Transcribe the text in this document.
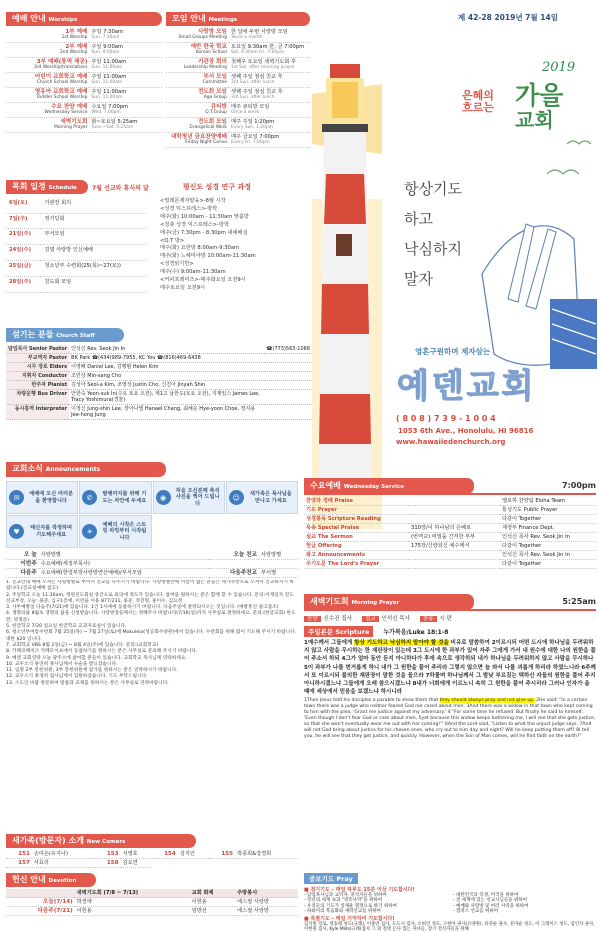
예배 안내 Worships
1부 예배
1st Worship	주일 7:30am
Sun. 7:30am

2부 예배
2nd Worship	주일 9:00am
Sun. 9:00am

3부 예배(통역 제공)
3rd Worship(translation)	주일 11:00am
Sun. 11:00am

어린이 교회학교 예배
Church School Worship	주일 11:00am
Sun. 11:00am

영유아 교회학교 예배
Toddler School Worship	주일 11:00am
Sun. 11:00am

수요 찬양 예배
Wednesday Service	수요일 7:00pm
Wed. 7:00pm

새벽기도회
Morning Prayer	화~토요일 5:25am
Tues.~Sat. 5:25am
모임 안내 Meetings
사랑방 모임
Small Groups Meeting	한 달에 두번 사랑방 모임
Twice a month

예반 한국 학교
Korean School	토요일 9:30am 한, 금 7:00pm
Sat. 9:30am Fri. 7:00pm

기관장 회의
Leadership Meeting	첫째주 토요일 새벽기도회 후
1st Sat. after morning prayer

부서 모임
Committee	셋째 주일 점심 친교 후
3rd Sun. after lunch

전도회 모임
Age Group	셋째 주일 점심 친교 후
3rd Sun. after lunch

큐티방
Q.T.Group	매주 큐티방 모임
Once a week

전도회 모임
Evangelical Work	매주 주일 1:20pm
Every Sun. 1:20pm

대학청년 금요찬양예배
Friday Night Convo	매주 금요일 7:00pm
Every Fri. 7:00pm
제 42-28 2019년 7월 14일
2019
은혜의
흐르는 가을
교회
항상기도
하고
낙심하지
말자
영혼구원하며 제자삼는
예덴교회
( 8 0 8 ) 7 3 9 - 1 0 0 4
1053 6th Ave., Honolulu, HI 96816
www.hawaiiedenchurch.org
목회 일정 Schedule	7월 선교와 휴식의 달	평신도 성경 연구 과정
6일(토)	기관장 회의
7일(주)	정기당회
21일(주)	부서모임
24일(수)	김엽 사랑방 인신예배
25일(금)	청소년부 수련회(25(목)~27(토))
28일(주)	친도회 모임
<빌레몬제자양육>-8월 시작
<성경 익스프레스>-방학
매주(화) 10:00am - 11:30am 맞춤방
<청총 성경 익스프레스>-방학
매주(금) 7:30pm - 8:30pm 대예배실
<Q.T 방>
매주(화) 요한방 8:00am-9:30am
매주(화) 느헤미야방 10:00am-11:30am
<성경읽기반>
매주(수) 9:00am-11:30am
<커피프레미즈>-매주화요일 오전9시
매주토요일 오전9시
섬기는 분들 Church Staff
담임목사 Senior Pastor	인석신 Rev. Seok Jin In	☎(773)563-1066
부교역자 Pastor	BK Park ☎(434)989-7955, KC You ☎(816)469-6438	
시무 장로 Elders	이영배 Daniel Lee, 김행범 Helen Kim	
지휘자 Conductor	조민상 Min-sang Cho	
반주자 Pianist	김성아 Seol-a Kim, 조영성 Justin Cho, 신진아 Jinyah Shin	
차량운행 Bus Driver	안한숙 Yeon-suk In(수요 토요 오전), 제1고 남한도(토요 오전), 지제임스 James Lee, Tracy Yoshimura(경찰)	
동시통역 Interpreter	이정신 Jung-shin Lee, 장아나엘 Hanael Chang, 최해운 Hye-yoon Choe, 정지용 Jee-hong Jung	
교회소식 Announcements
✉	예배에 오신 여러분을 환영합니다	✆	발행까지를 위해 기도는 차안에 두세요	◉
처음 오신분께 축석사진을 찍어 드립니다
☺	새가족은 목사님을 만나고 가세요
♥	태신자를 작정하며 기도해주세요	☀
예배의 시작은 스트링 파밍부터 시작됩니다
오 늘	사랑방별	오늘 친교	사랑방별
이번주	수요예배(세정부목사)		
다음주	수요예배(한얼부장사랑방연산예배)/부서모임	다음주친교	부서별
1. 진교안내 예배 오셔는 사랑방별로 부어서 진교를 나누시기 바랍니다. 사랑방별만에 이름이 없는 분들은 세가족반으로 오셔서 진교하시기 바랍니다.(진교실예배 참고)
2. 주일학교 오늘 11:30am, 정원진도회실 중간으로 외의에 정도가 있습니다. 참여를 원하시는 분은 함께 할 수 있습니다. 문의:이재일자 전도선교부장, 오늘: 홍준, 입구1층에, 이런을 이용 877/231, 홍준, 정진형, 홍이수, 김요정
3. 사무예방일 다음주(7/21)에 있습니다. 1인 1시에에 동참하시기 바랍니다. 다음주일에 결정되시오는 것입니다. (예방통신 광고참조)
4. 생명의삶 8월초 생명의 삶을 신청받습니다. 사랑방장들께서는 정해주시 바랍니다(7/16(일)까지 사무실로 결정하세요. 문의:(한글교회) 한도완, 영생준)
5. 한글학교 7/20 일요일 한글학교 교과자료실이 있습니다.
6. 청소년부여름수련회 7월 25일(목) ~ 7월 27일(토)에 Mokuleia(성공회수양관)에서 있습니다. 수련회를 위해 많이 기도해 주시기 바랍니다. 대한 $20 입니다.
7. 교회학교 VBS 8월 2일(금) ~ 8월 4일(주)에 있습니다. 문의:(교회학교)
8. 카페코페미즈 카페모이프에서 동참하기를 원하시는 분은 사무실로 문의해 주시기 바랍니다.
9. 예덴 교회연락 오늘 광주소에 참여할 분들이 있습니다. 교회학교 목사님께 연락하세요.
10. 교우소식 용연희 목사님께서 수술을 받으셨습니다.
11. 임명 2부 봉헌위원, 3부 봉헌위원에 참가를 원하시는 분은 연락하시기 바랍니다.
12. 교우소식 홍경희 집사님께서 입원하셨습니다. 기도 부탁드립니다.
13. 스도인 바람 방문하여 말씀과 교제를 원하시는 분은 사무실로 연락바랍니다.
새가족(방문자) 소개 New Comers
151	손미은(유지나)	153	서영호	154	김지인	155	박종희&강경희
157	사효리	158	김요연				
헌신 안내 Devotion
	새벽기도회 (7/8 ~ 7/13)	교회 화제	주방봉사
오늘(7/14)	박경애	이헌용	에스절 사랑방
다음주(7/21)	이헌용	임방선	에스절 사랑방
수요예배 Wednesday Service	7:00pm
찬양과 경배 Praise		엘로하 찬양팀 Eloha Team
기도 Prayer		통성기도 Public Prayer
성경봉독 Scripture Reading		다같이 Together
특송 Special Praise	310장/이 하나님의 은혜로	재정부 Finance Dept.
설교 The Sermon	(번역교) 비밀을 간직한 부부	인석신 목사 Rev. Seok Jin In
헌금 Offering	175장/신랑되신 예수께서	다같이 Together
광고 Announcements		인석신 목사 Rev. Seok Jin In
주기도문 The Lord's Prayer		다같이 Together
새벽기도회 Morning Prayer	5:25am
찬양 신수진 집사	설교 인석신 목사	찬송 시 편
주일본문 Scripture	누가복음/Luke 18:1-8
1예수께서 그들에게 항상 기도하고 낙심하지 말아야 할 것을 비유로 말씀하여 2이르시되 어떤 도시에 하나님을 두려워하지 않고 사람을 무시하는 한 재판장이 있는데 3그 도시에 한 과부가 있어 자주 그에게 가서 내 원수에 대한 나의 원한을 풀어 주소서 하되 4그가 얼마 동안 듣지 아니하다가 후에 속으로 생각하되 내가 하나님을 두려워하지 않고 사람을 무시하나 5이 과부가 나를 번거롭게 하니 내가 그 원한을 풀어 주리라 그렇지 않으면 늘 와서 나를 괴롭게 하리라 하였느니라 6주께서 또 이르시되 불의한 재판장이 말한 것을 들으라 7하물며 하나님께서 그 밤낮 부르짖는 택하신 자들의 원한을 풀어 주지 아니하시겠느냐 그들에게 오래 참으시겠느냐 8내가 너희에게 이르노니 속히 그 원한을 풀어 주시리라 그러나 인자가 올 때에 세상에서 믿음을 보겠느냐 하시니라
1Then Jesus told his disciples a parable to show them that they should always pray and not give up. 2He said: "In a certain town there was a judge who neither feared God nor cared about men. 3And there was a widow in that town who kept coming to him with the plea, 'Grant me justice against my adversary.' 4 "For some time he refused. But finally he said to himself, 'Even though I don't fear God or care about men, 5yet because this widow keeps bothering me, I will see that she gets justice, so that she won't eventually wear me out with her coming!'" 6And the Lord said, "Listen to what the unjust judge says. 7And will not God bring about justice for his chosen ones, who cry out to him day and night? Will he keep putting them off? 8I tell you, he will see that they get justice, and quickly. However, when the Son of Man comes, will he find faith on the earth?"
중보기도 Pray
■ 정기기도 – 매일 하루도 15분 이상 기도합시다!
- 담임목사님과 교역자, 중직자들을 위하여
- 장년의 세계 속과 "영흥사역"을 위하여
- 우리들의 기도가 일깨운 열정으로 하기 위하여
- 하와이의 복음화와 새력선교를 위하여
- 대한민국과 학생, 미국을 위하여
- 전 세계에 있는 선교사님들을 위하여
- 예배와 사랑방 및 여러 사역을 위하여
- 캠퍼스 선교를 위하여
■ 특별기도 – 매일 기억하여 기도합시다!
김석원 장로, 영송래 성도(규례), 이충연 집사, 도도시 집사, 오희연 성도, 구현아 권사(요양원), 류영순 권사, 문미순 성도, 이 그레이스 성도, 임인자 권사, 이현원 집사, Kyle Mills(규례)집사 그 외 질병 돈다 있는 자녀들, 장기 결석자들을 위해
